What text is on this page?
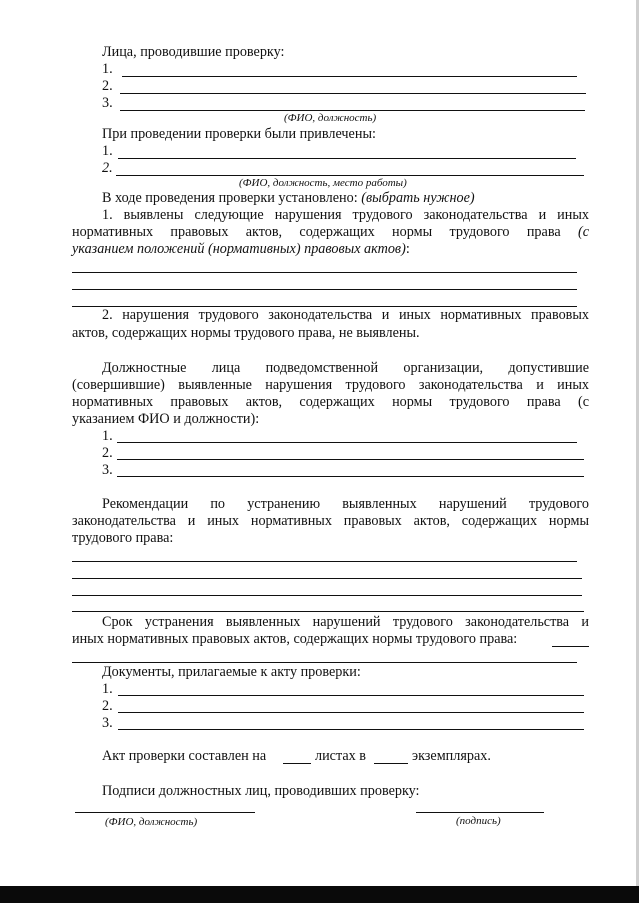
Лица, проводившие проверку:
1.
2.
3.
(ФИО, должность)
При проведении проверки были привлечены:
1.
2.
(ФИО, должность, место работы)
В ходе проведения проверки установлено: (выбрать нужное)
1. выявлены следующие нарушения трудового законодательства и иных
нормативных правовых актов, содержащих нормы трудового права (с
указанием положений (нормативных) правовых актов):
2. нарушения трудового законодательства и иных нормативных правовых
актов, содержащих нормы трудового права, не выявлены.
Должностные лица подведомственной организации, допустившие
(совершившие) выявленные нарушения трудового законодательства и иных
нормативных правовых актов, содержащих нормы трудового права (с
указанием ФИО и должности):
1.
2.
3.
Рекомендации по устранению выявленных нарушений трудового
законодательства и иных нормативных правовых актов, содержащих нормы
трудового права:
Срок устранения выявленных нарушений трудового законодательства и
иных нормативных правовых актов, содержащих нормы трудового права:
Документы, прилагаемые к акту проверки:
1.
2.
3.
Акт проверки составлен на	листах в	экземплярах.
Подписи должностных лиц, проводивших проверку:
(ФИО, должность)	(подпись)
